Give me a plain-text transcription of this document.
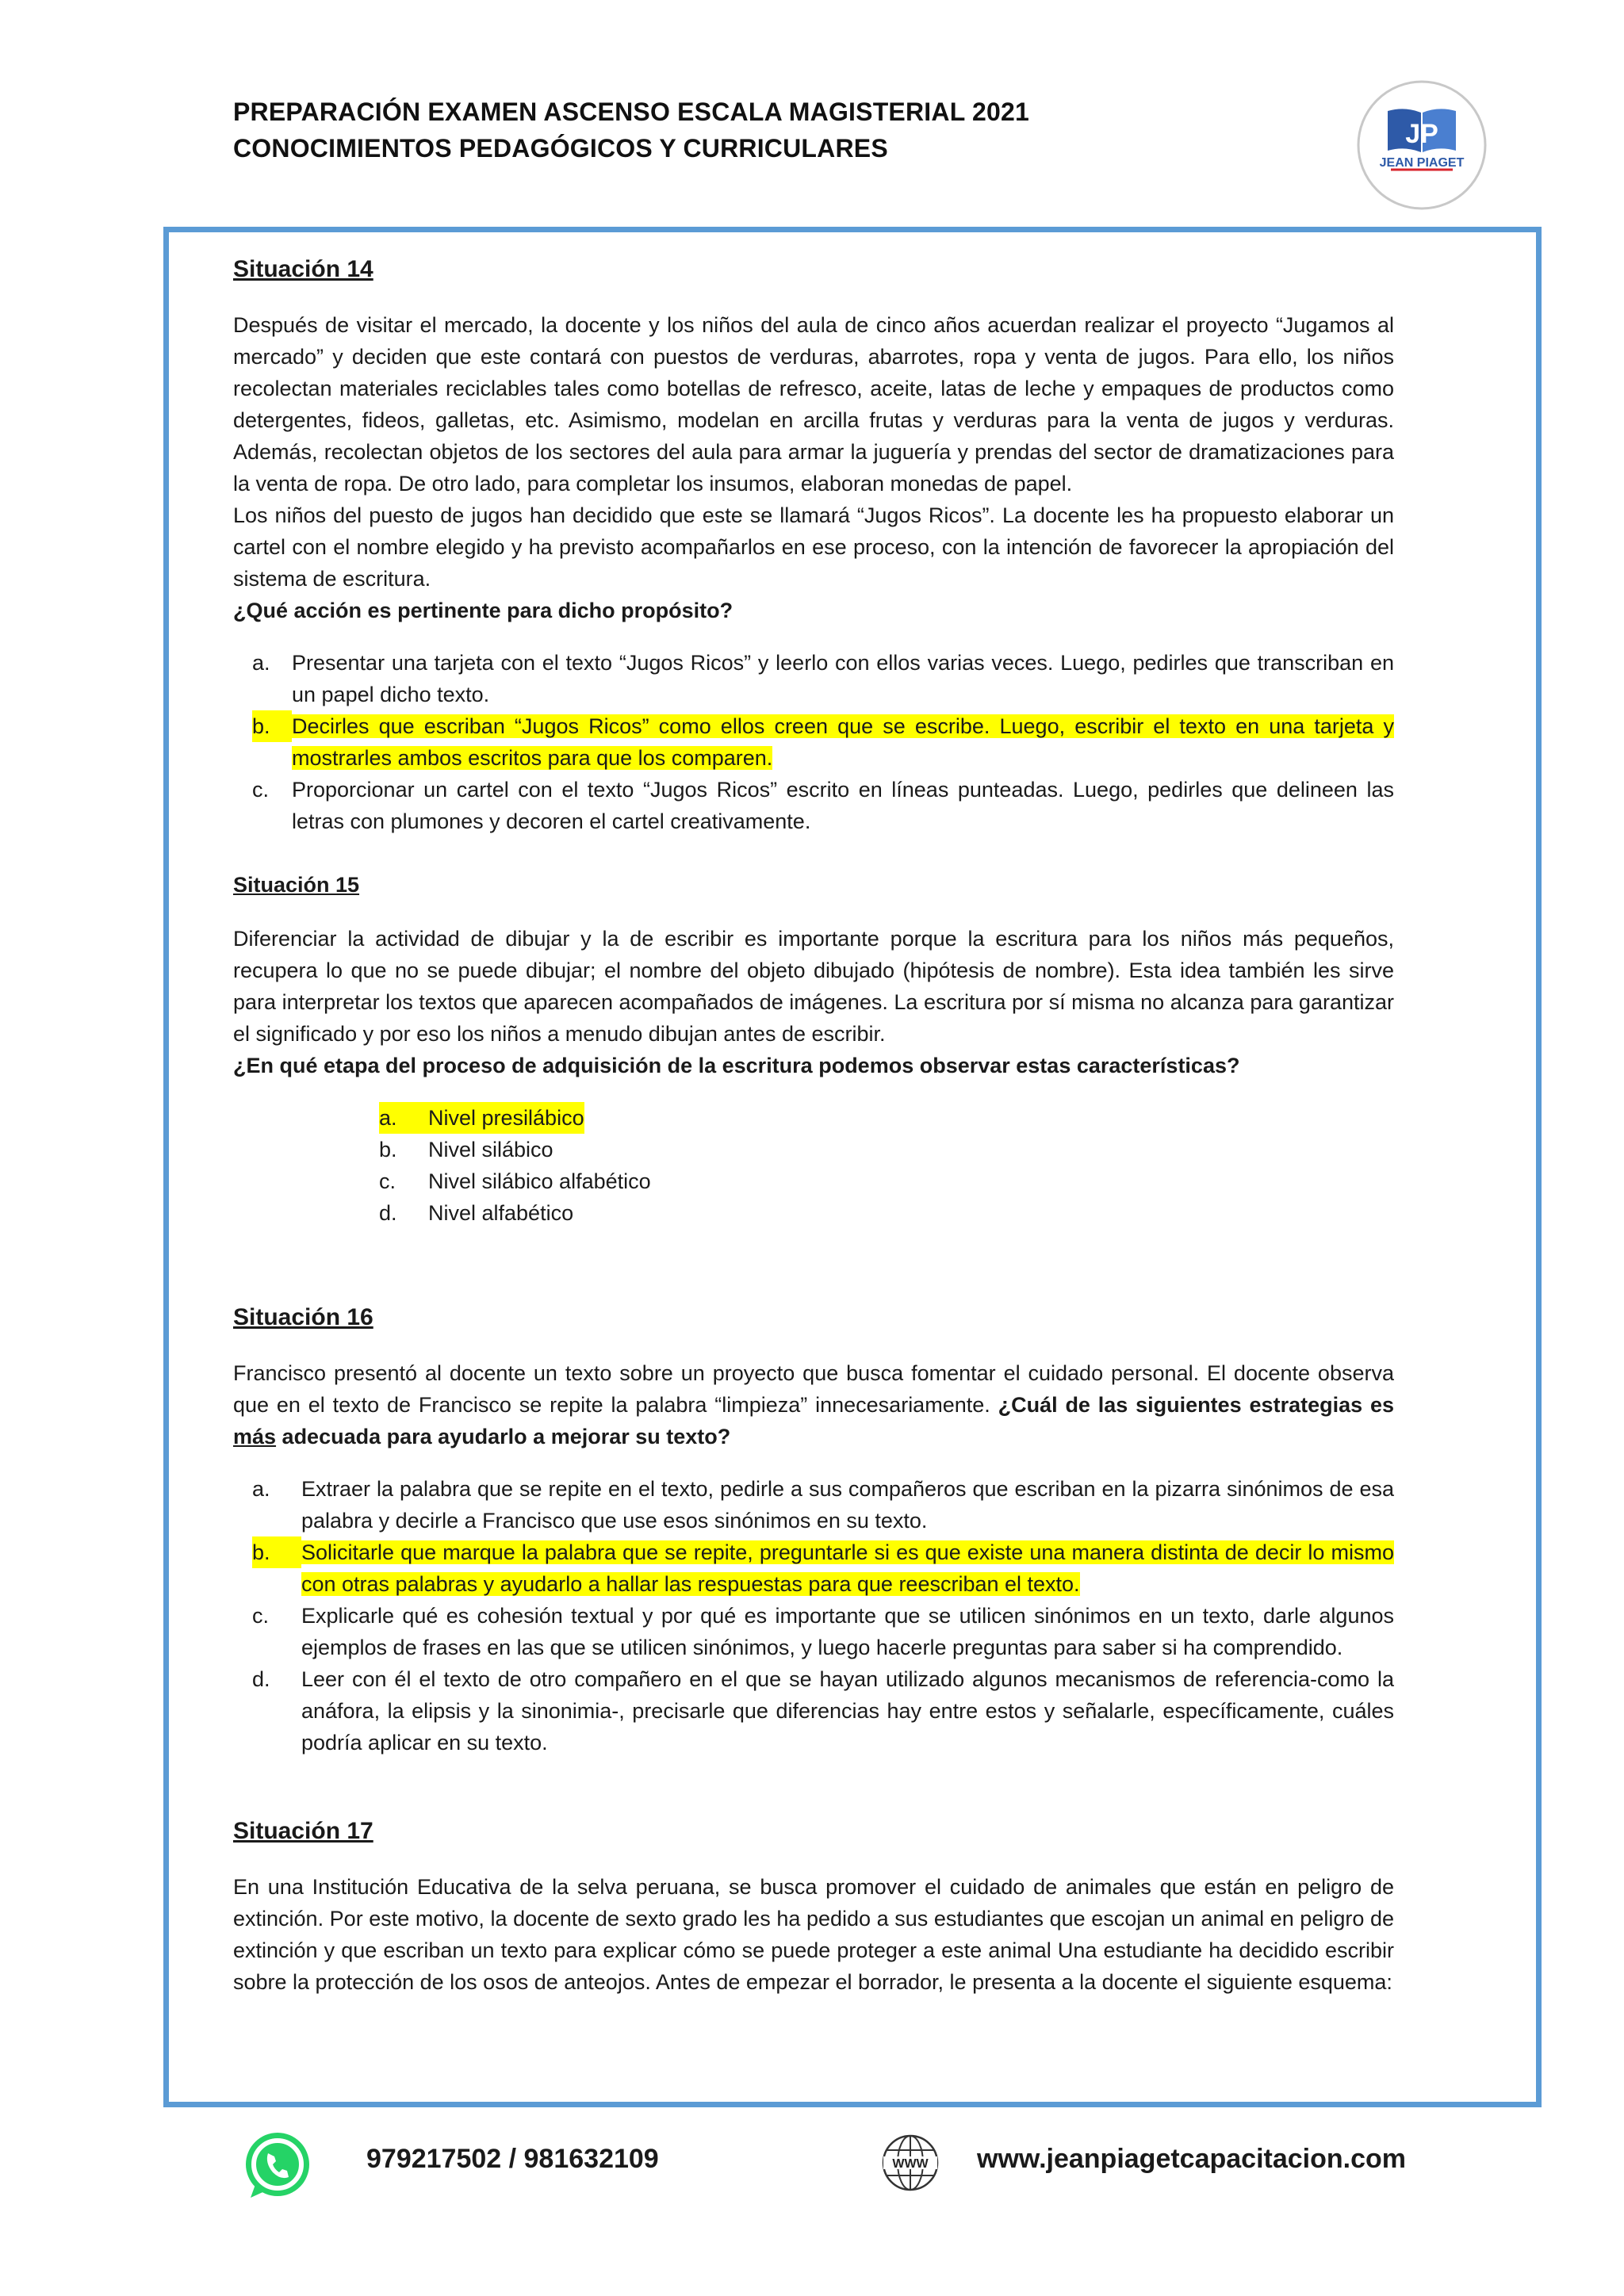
PREPARACIÓN EXAMEN ASCENSO ESCALA MAGISTERIAL 2021
CONOCIMIENTOS PEDAGÓGICOS Y CURRICULARES	JP
JEAN PIAGET
Situación 14

Después de visitar el mercado, la docente y los niños del aula de cinco años acuerdan realizar el proyecto “Jugamos al mercado” y deciden que este contará con puestos de verduras, abarrotes, ropa y venta de jugos. Para ello, los niños recolectan materiales reciclables tales como botellas de refresco, aceite, latas de leche y empaques de productos como detergentes, fideos, galletas, etc. Asimismo, modelan en arcilla frutas y verduras para la venta de jugos y verduras. Además, recolectan objetos de los sectores del aula para armar la juguería y prendas del sector de dramatizaciones para la venta de ropa. De otro lado, para completar los insumos, elaboran monedas de papel.

Los niños del puesto de jugos han decidido que este se llamará “Jugos Ricos”. La docente les ha propuesto elaborar un cartel con el nombre elegido y ha previsto acompañarlos en ese proceso, con la intención de favorecer la apropiación del sistema de escritura.

¿Qué acción es pertinente para dicho propósito?

a.	Presentar una tarjeta con el texto “Jugos Ricos” y leerlo con ellos varias veces. Luego, pedirles que transcriban en un papel dicho texto.
b.	Decirles que escriban “Jugos Ricos” como ellos creen que se escribe. Luego, escribir el texto en una tarjeta y mostrarles ambos escritos para que los comparen.
c.	Proporcionar un cartel con el texto “Jugos Ricos” escrito en líneas punteadas. Luego, pedirles que delineen las letras con plumones y decoren el cartel creativamente.
Situación 15

Diferenciar la actividad de dibujar y la de escribir es importante porque la escritura para los niños más pequeños, recupera lo que no se puede dibujar; el nombre del objeto dibujado (hipótesis de nombre). Esta idea también les sirve para interpretar los textos que aparecen acompañados de imágenes. La escritura por sí misma no alcanza para garantizar el significado y por eso los niños a menudo dibujan antes de escribir.

¿En qué etapa del proceso de adquisición de la escritura podemos observar estas características?

a. Nivel presilábico
b.	Nivel silábico
c.	Nivel silábico alfabético
d.	Nivel alfabético
Situación 16

Francisco presentó al docente un texto sobre un proyecto que busca fomentar el cuidado personal. El docente observa que en el texto de Francisco se repite la palabra “limpieza” innecesariamente. ¿Cuál de las siguientes estrategias es más adecuada para ayudarlo a mejorar su texto?

a.	Extraer la palabra que se repite en el texto, pedirle a sus compañeros que escriban en la pizarra sinónimos de esa palabra y decirle a Francisco que use esos sinónimos en su texto.
b.	Solicitarle que marque la palabra que se repite, preguntarle si es que existe una manera distinta de decir lo mismo con otras palabras y ayudarlo a hallar las respuestas para que reescriban el texto.
c.	Explicarle qué es cohesión textual y por qué es importante que se utilicen sinónimos en un texto, darle algunos ejemplos de frases en las que se utilicen sinónimos, y luego hacerle preguntas para saber si ha comprendido.
d.	Leer con él el texto de otro compañero en el que se hayan utilizado algunos mecanismos de referencia-como la anáfora, la elipsis y la sinonimia-, precisarle que diferencias hay entre estos y señalarle, específicamente, cuáles podría aplicar en su texto.
Situación 17

En una Institución Educativa de la selva peruana, se busca promover el cuidado de animales que están en peligro de extinción. Por este motivo, la docente de sexto grado les ha pedido a sus estudiantes que escojan un animal en peligro de extinción y que escriban un texto para explicar cómo se puede proteger a este animal Una estudiante ha decidido escribir sobre la protección de los osos de anteojos. Antes de empezar el borrador, le presenta a la docente el siguiente esquema:

979217502 / 981632109	WWW www.jeanpiagetcapacitacion.com
